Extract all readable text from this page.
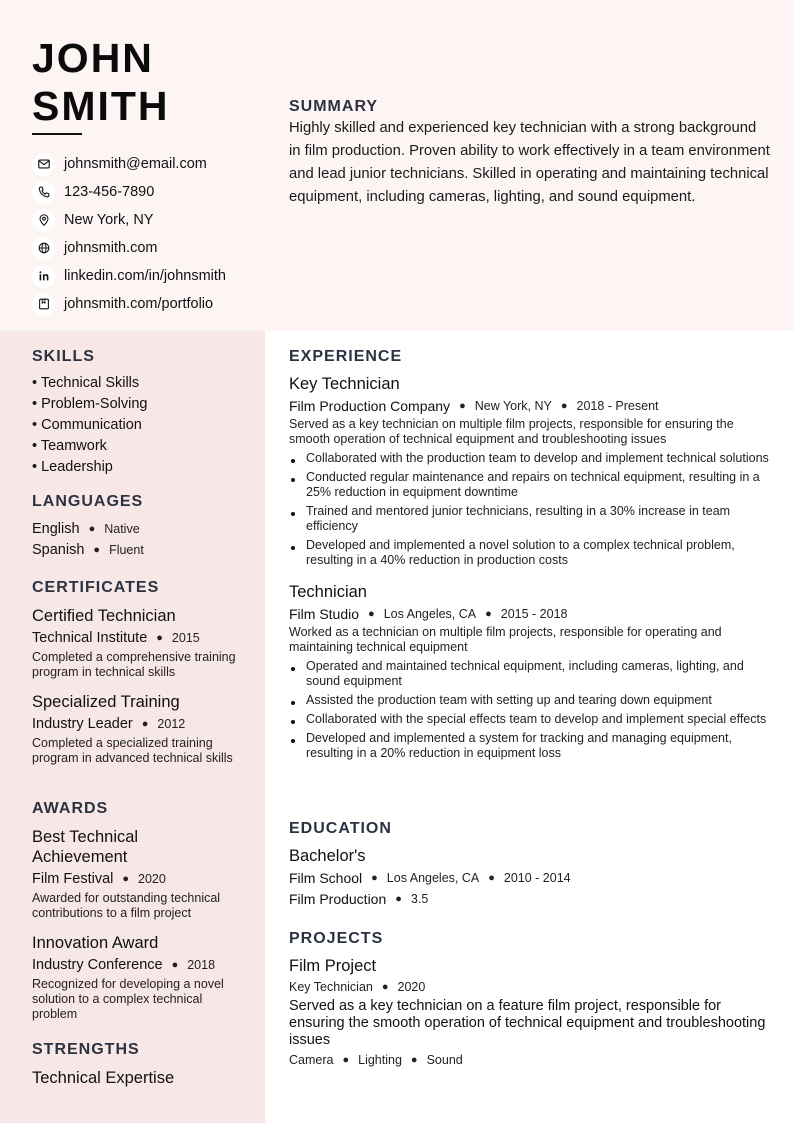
JOHN
SMITH
johnsmith@email.com
123-456-7890
New York, NY
johnsmith.com
linkedin.com/in/johnsmith
johnsmith.com/portfolio
SKILLS
• Technical Skills
• Problem-Solving
• Communication
• Teamwork
• Leadership
LANGUAGES
English ● Native
Spanish ● Fluent
CERTIFICATES
Certified Technician
Technical Institute ● 2015
Completed a comprehensive training program in technical skills
Specialized Training
Industry Leader ● 2012
Completed a specialized training program in advanced technical skills
AWARDS
Best Technical Achievement
Film Festival ● 2020
Awarded for outstanding technical contributions to a film project
Innovation Award
Industry Conference ● 2018
Recognized for developing a novel solution to a complex technical problem
STRENGTHS
Technical Expertise
SUMMARY
Highly skilled and experienced key technician with a strong background in film production. Proven ability to work effectively in a team environment and lead junior technicians. Skilled in operating and maintaining technical equipment, including cameras, lighting, and sound equipment.
EXPERIENCE
Key Technician
Film Production Company ● New York, NY ● 2018 - Present
Served as a key technician on multiple film projects, responsible for ensuring the smooth operation of technical equipment and troubleshooting issues
Collaborated with the production team to develop and implement technical solutions
Conducted regular maintenance and repairs on technical equipment, resulting in a 25% reduction in equipment downtime
Trained and mentored junior technicians, resulting in a 30% increase in team efficiency
Developed and implemented a novel solution to a complex technical problem, resulting in a 40% reduction in production costs
Technician
Film Studio ● Los Angeles, CA ● 2015 - 2018
Worked as a technician on multiple film projects, responsible for operating and maintaining technical equipment
Operated and maintained technical equipment, including cameras, lighting, and sound equipment
Assisted the production team with setting up and tearing down equipment
Collaborated with the special effects team to develop and implement special effects
Developed and implemented a system for tracking and managing equipment, resulting in a 20% reduction in equipment loss
EDUCATION
Bachelor's
Film School ● Los Angeles, CA ● 2010 - 2014
Film Production ● 3.5
PROJECTS
Film Project
Key Technician ● 2020
Served as a key technician on a feature film project, responsible for ensuring the smooth operation of technical equipment and troubleshooting issues
Camera ● Lighting ● Sound
